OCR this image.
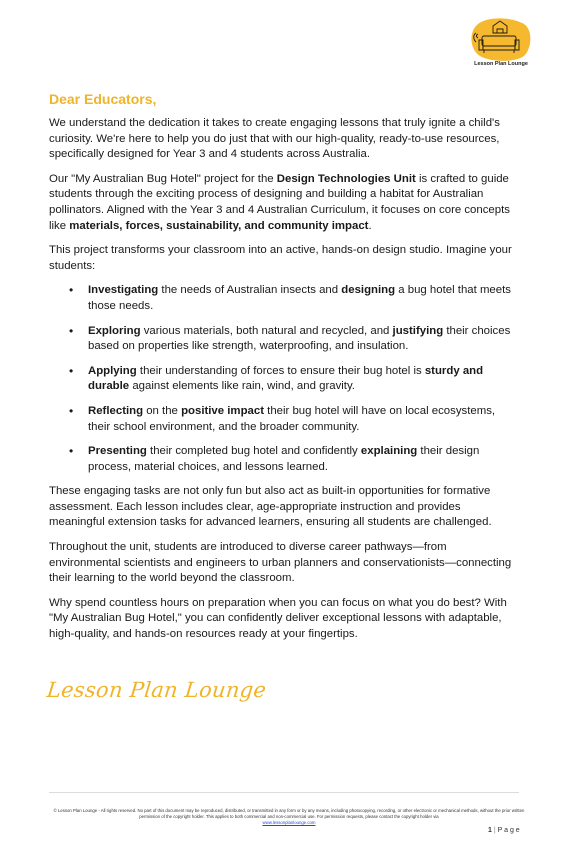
Lesson Plan Lounge
Dear Educators,

We understand the dedication it takes to create engaging lessons that truly ignite a child's curiosity. We're here to help you do just that with our high-quality, ready-to-use resources, specifically designed for Year 3 and 4 students across Australia.

Our "My Australian Bug Hotel" project for the Design Technologies Unit is crafted to guide students through the exciting process of designing and building a habitat for Australian pollinators. Aligned with the Year 3 and 4 Australian Curriculum, it focuses on core concepts like materials, forces, sustainability, and community impact.

This project transforms your classroom into an active, hands-on design studio. Imagine your students:

• Investigating the needs of Australian insects and designing a bug hotel that meets those needs.
• Exploring various materials, both natural and recycled, and justifying their choices based on properties like strength, waterproofing, and insulation.
• Applying their understanding of forces to ensure their bug hotel is sturdy and durable against elements like rain, wind, and gravity.
• Reflecting on the positive impact their bug hotel will have on local ecosystems, their school environment, and the broader community.
• Presenting their completed bug hotel and confidently explaining their design process, material choices, and lessons learned.

These engaging tasks are not only fun but also act as built-in opportunities for formative assessment. Each lesson includes clear, age-appropriate instruction and provides meaningful extension tasks for advanced learners, ensuring all students are challenged.

Throughout the unit, students are introduced to diverse career pathways—from environmental scientists and engineers to urban planners and conservationists—connecting their learning to the world beyond the classroom.

Why spend countless hours on preparation when you can focus on what you do best? With "My Australian Bug Hotel," you can confidently deliver exceptional lessons with adaptable, high-quality, and hands-on resources ready at your fingertips.

Lesson Plan Lounge
© Lesson Plan Lounge - All rights reserved. No part of this document may be reproduced, distributed, or transmitted in any form or by any means, including photocopying, recording, or other electronic or mechanical methods, without the prior written permission of the copyright holder. This applies to both commercial and non-commercial use. For permission requests, please contact the copyright holder via
www.lessonplanlounge.com
1 | P a g e
